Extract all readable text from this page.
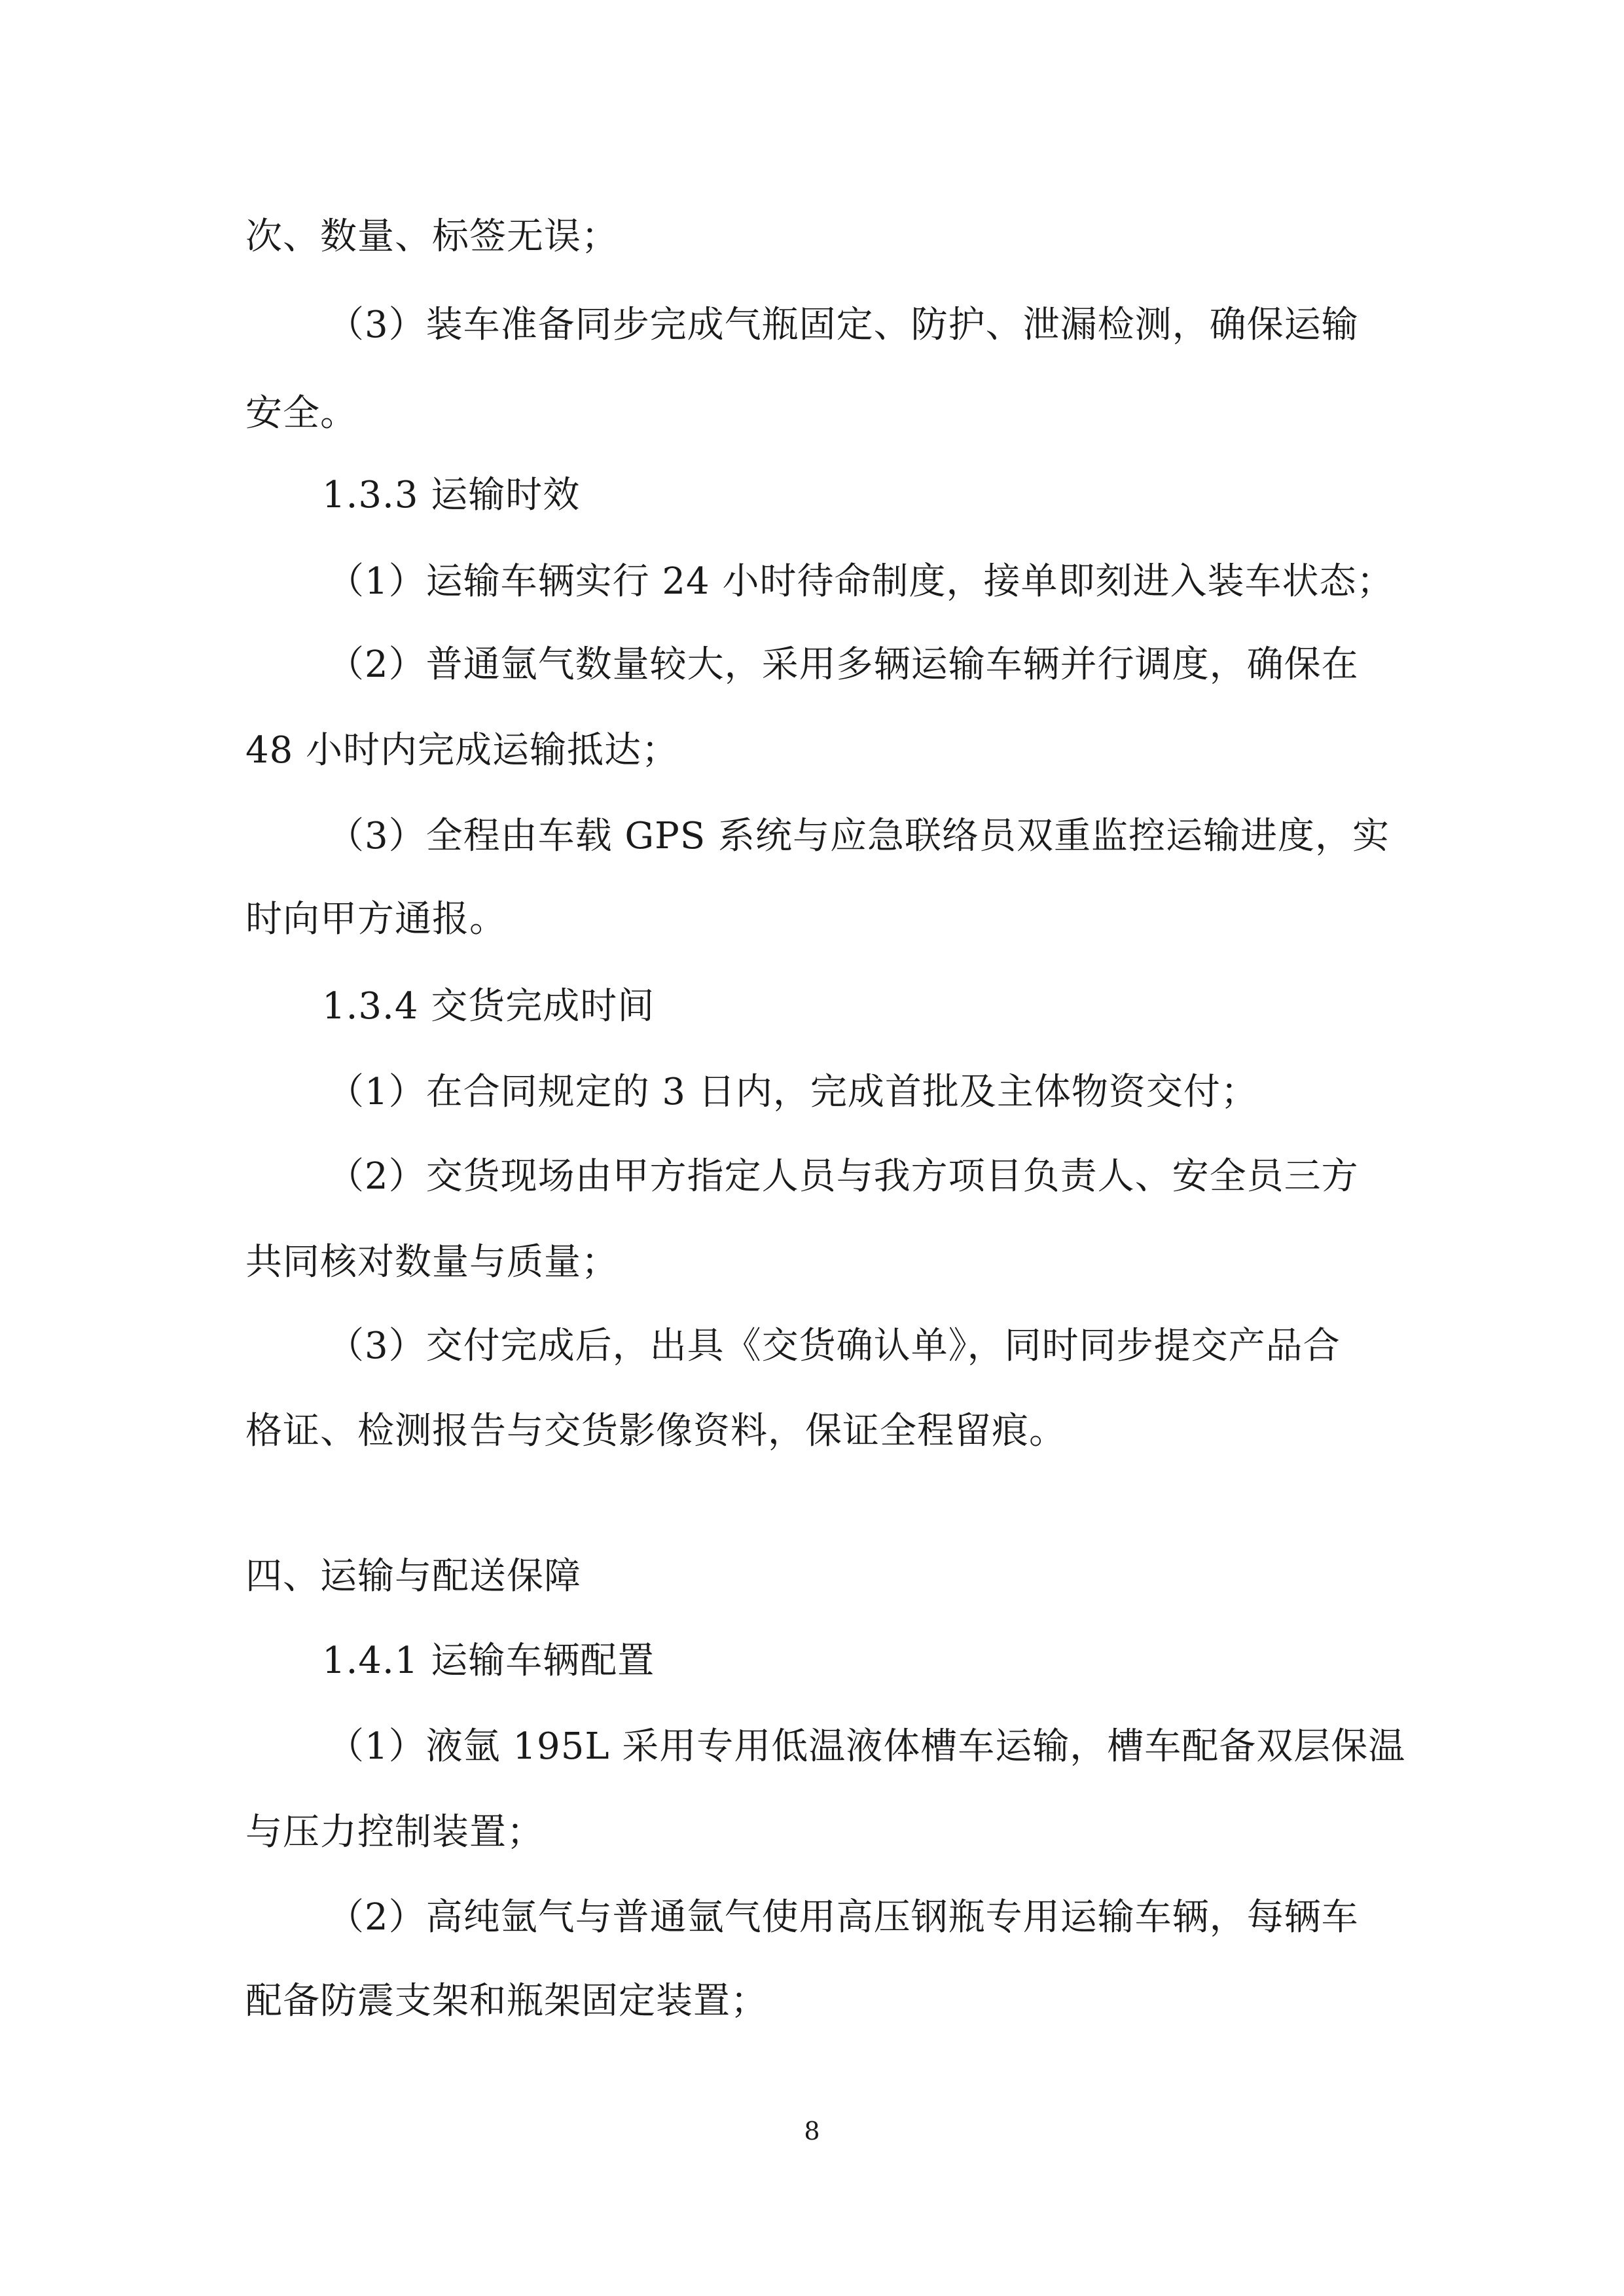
次、数量、标签无误；
（3）装车准备同步完成气瓶固定、防护、泄漏检测，确保运输
安全。
1.3.3 运输时效
（1）运输车辆实行 24 小时待命制度，接单即刻进入装车状态；
（2）普通氩气数量较大，采用多辆运输车辆并行调度，确保在
48 小时内完成运输抵达；
（3）全程由车载 GPS 系统与应急联络员双重监控运输进度，实
时向甲方通报。
1.3.4 交货完成时间
（1）在合同规定的 3 日内，完成首批及主体物资交付；
（2）交货现场由甲方指定人员与我方项目负责人、安全员三方
共同核对数量与质量；
（3）交付完成后，出具《交货确认单》，同时同步提交产品合
格证、检测报告与交货影像资料，保证全程留痕。
四、运输与配送保障
1.4.1 运输车辆配置
（1）液氩 195L 采用专用低温液体槽车运输，槽车配备双层保温
与压力控制装置；
（2）高纯氩气与普通氩气使用高压钢瓶专用运输车辆，每辆车
配备防震支架和瓶架固定装置；
8
